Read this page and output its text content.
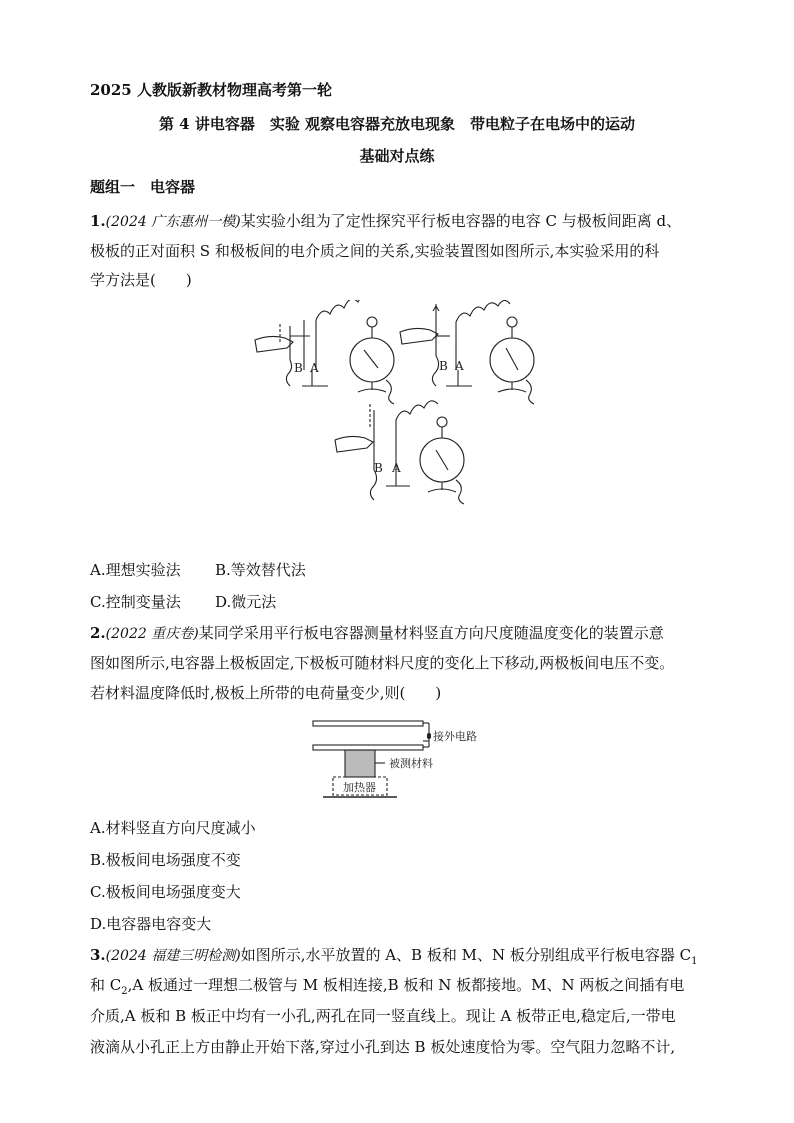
2025 人教版新教材物理高考第一轮
第 4 讲电容器　实验 观察电容器充放电现象　带电粒子在电场中的运动
基础对点练
题组一　电容器
1.(2024 广东惠州一模)某实验小组为了定性探究平行板电容器的电容 C 与极板间距离 d、
极板的正对面积 S 和极板间的电介质之间的关系,实验装置图如图所示,本实验采用的科
学方法是(　　)
B A	B A
B A
A.理想实验法 B.等效替代法
C.控制变量法 D.微元法
2.(2022 重庆卷)某同学采用平行板电容器测量材料竖直方向尺度随温度变化的装置示意
图如图所示,电容器上极板固定,下极板可随材料尺度的变化上下移动,两极板间电压不变。
若材料温度降低时,极板上所带的电荷量变少,则(　　)
接外电路
被测材料
加热器
A.材料竖直方向尺度减小
B.极板间电场强度不变
C.极板间电场强度变大
D.电容器电容变大
3.(2024 福建三明检测)如图所示,水平放置的 A、B 板和 M、N 板分别组成平行板电容器 $C_1$
和 $C_2,A$ 板通过一理想二极管与 M 板相连接,B 板和 N 板都接地。M、N 两板之间插有电
介质,A 板和 B 板正中均有一小孔,两孔在同一竖直线上。现让 A 板带正电,稳定后,一带电
液滴从小孔正上方由静止开始下落,穿过小孔到达 B 板处速度恰为零。空气阻力忽略不计,
